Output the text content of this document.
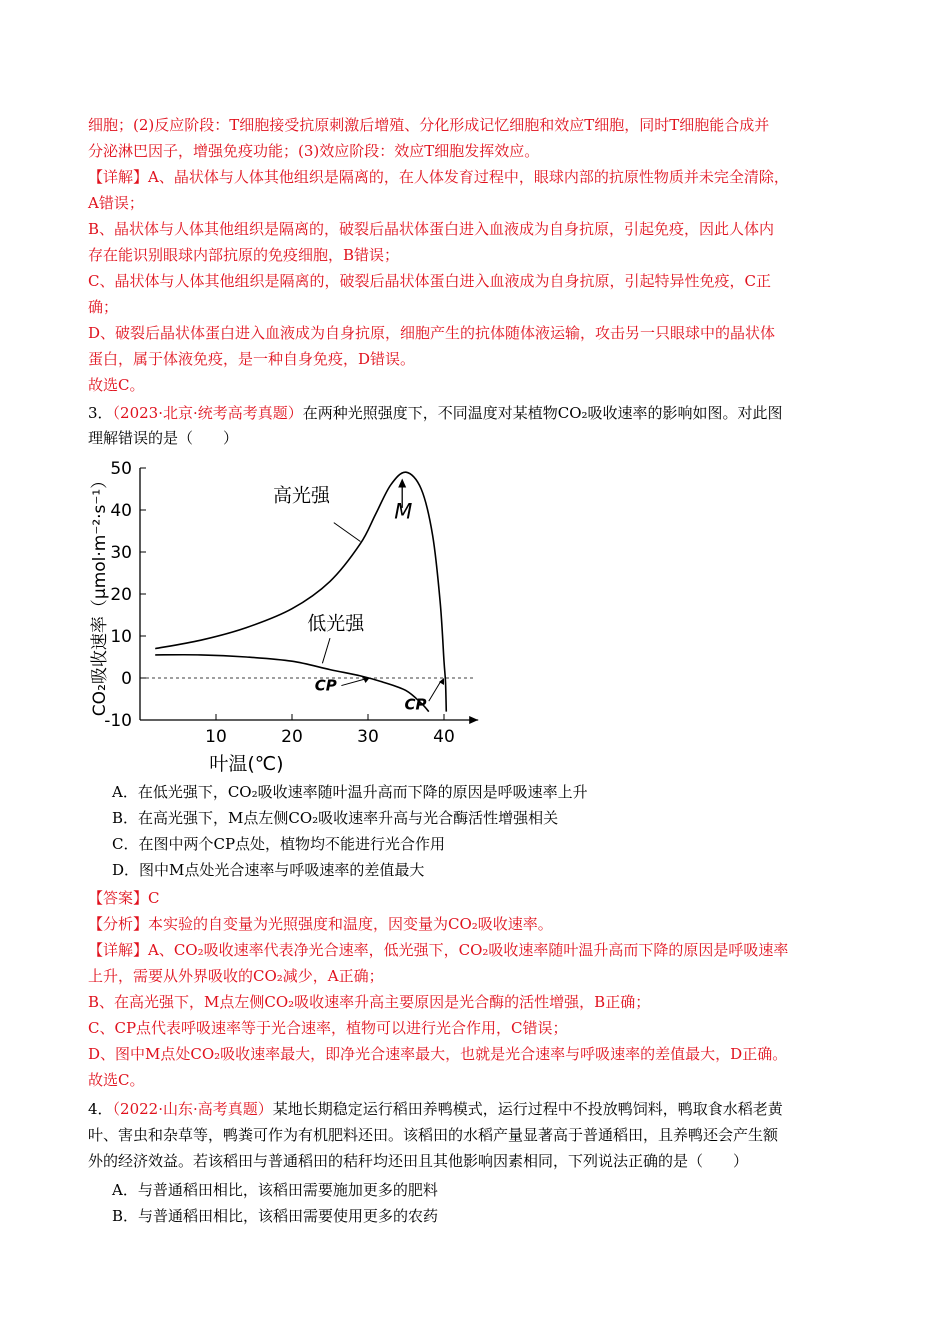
细胞；(2)反应阶段：T细胞接受抗原刺激后增殖、分化形成记忆细胞和效应T细胞，同时T细胞能合成并
分泌淋巴因子，增强免疫功能；(3)效应阶段：效应T细胞发挥效应。
【详解】A、晶状体与人体其他组织是隔离的，在人体发育过程中，眼球内部的抗原性物质并未完全清除，
A错误；
B、晶状体与人体其他组织是隔离的，破裂后晶状体蛋白进入血液成为自身抗原，引起免疫，因此人体内
存在能识别眼球内部抗原的免疫细胞，B错误；
C、晶状体与人体其他组织是隔离的，破裂后晶状体蛋白进入血液成为自身抗原，引起特异性免疫，C正
确；
D、破裂后晶状体蛋白进入血液成为自身抗原，细胞产生的抗体随体液运输，攻击另一只眼球中的晶状体
蛋白，属于体液免疫，是一种自身免疫，D错误。
故选C。
3．（2023·北京·统考高考真题）在两种光照强度下，不同温度对某植物CO₂吸收速率的影响如图。对此图
理解错误的是（　　）
50
40
30
20
10
0
-10
10	20	30	40
叶温(℃)
CO₂吸收速率（μmol·m⁻²·s⁻¹）	高光强
低光强
M
CP
CP
A．在低光强下，CO₂吸收速率随叶温升高而下降的原因是呼吸速率上升
B．在高光强下，M点左侧CO₂吸收速率升高与光合酶活性增强相关
C．在图中两个CP点处，植物均不能进行光合作用
D．图中M点处光合速率与呼吸速率的差值最大
【答案】C
【分析】本实验的自变量为光照强度和温度，因变量为CO₂吸收速率。
【详解】A、CO₂吸收速率代表净光合速率，低光强下，CO₂吸收速率随叶温升高而下降的原因是呼吸速率
上升，需要从外界吸收的CO₂减少，A正确；
B、在高光强下，M点左侧CO₂吸收速率升高主要原因是光合酶的活性增强，B正确；
C、CP点代表呼吸速率等于光合速率，植物可以进行光合作用，C错误；
D、图中M点处CO₂吸收速率最大，即净光合速率最大，也就是光合速率与呼吸速率的差值最大，D正确。
故选C。
4．（2022·山东·高考真题）某地长期稳定运行稻田养鸭模式，运行过程中不投放鸭饲料，鸭取食水稻老黄
叶、害虫和杂草等，鸭粪可作为有机肥料还田。该稻田的水稻产量显著高于普通稻田，且养鸭还会产生额
外的经济效益。若该稻田与普通稻田的秸秆均还田且其他影响因素相同，下列说法正确的是（　　）
A．与普通稻田相比，该稻田需要施加更多的肥料
B．与普通稻田相比，该稻田需要使用更多的农药
